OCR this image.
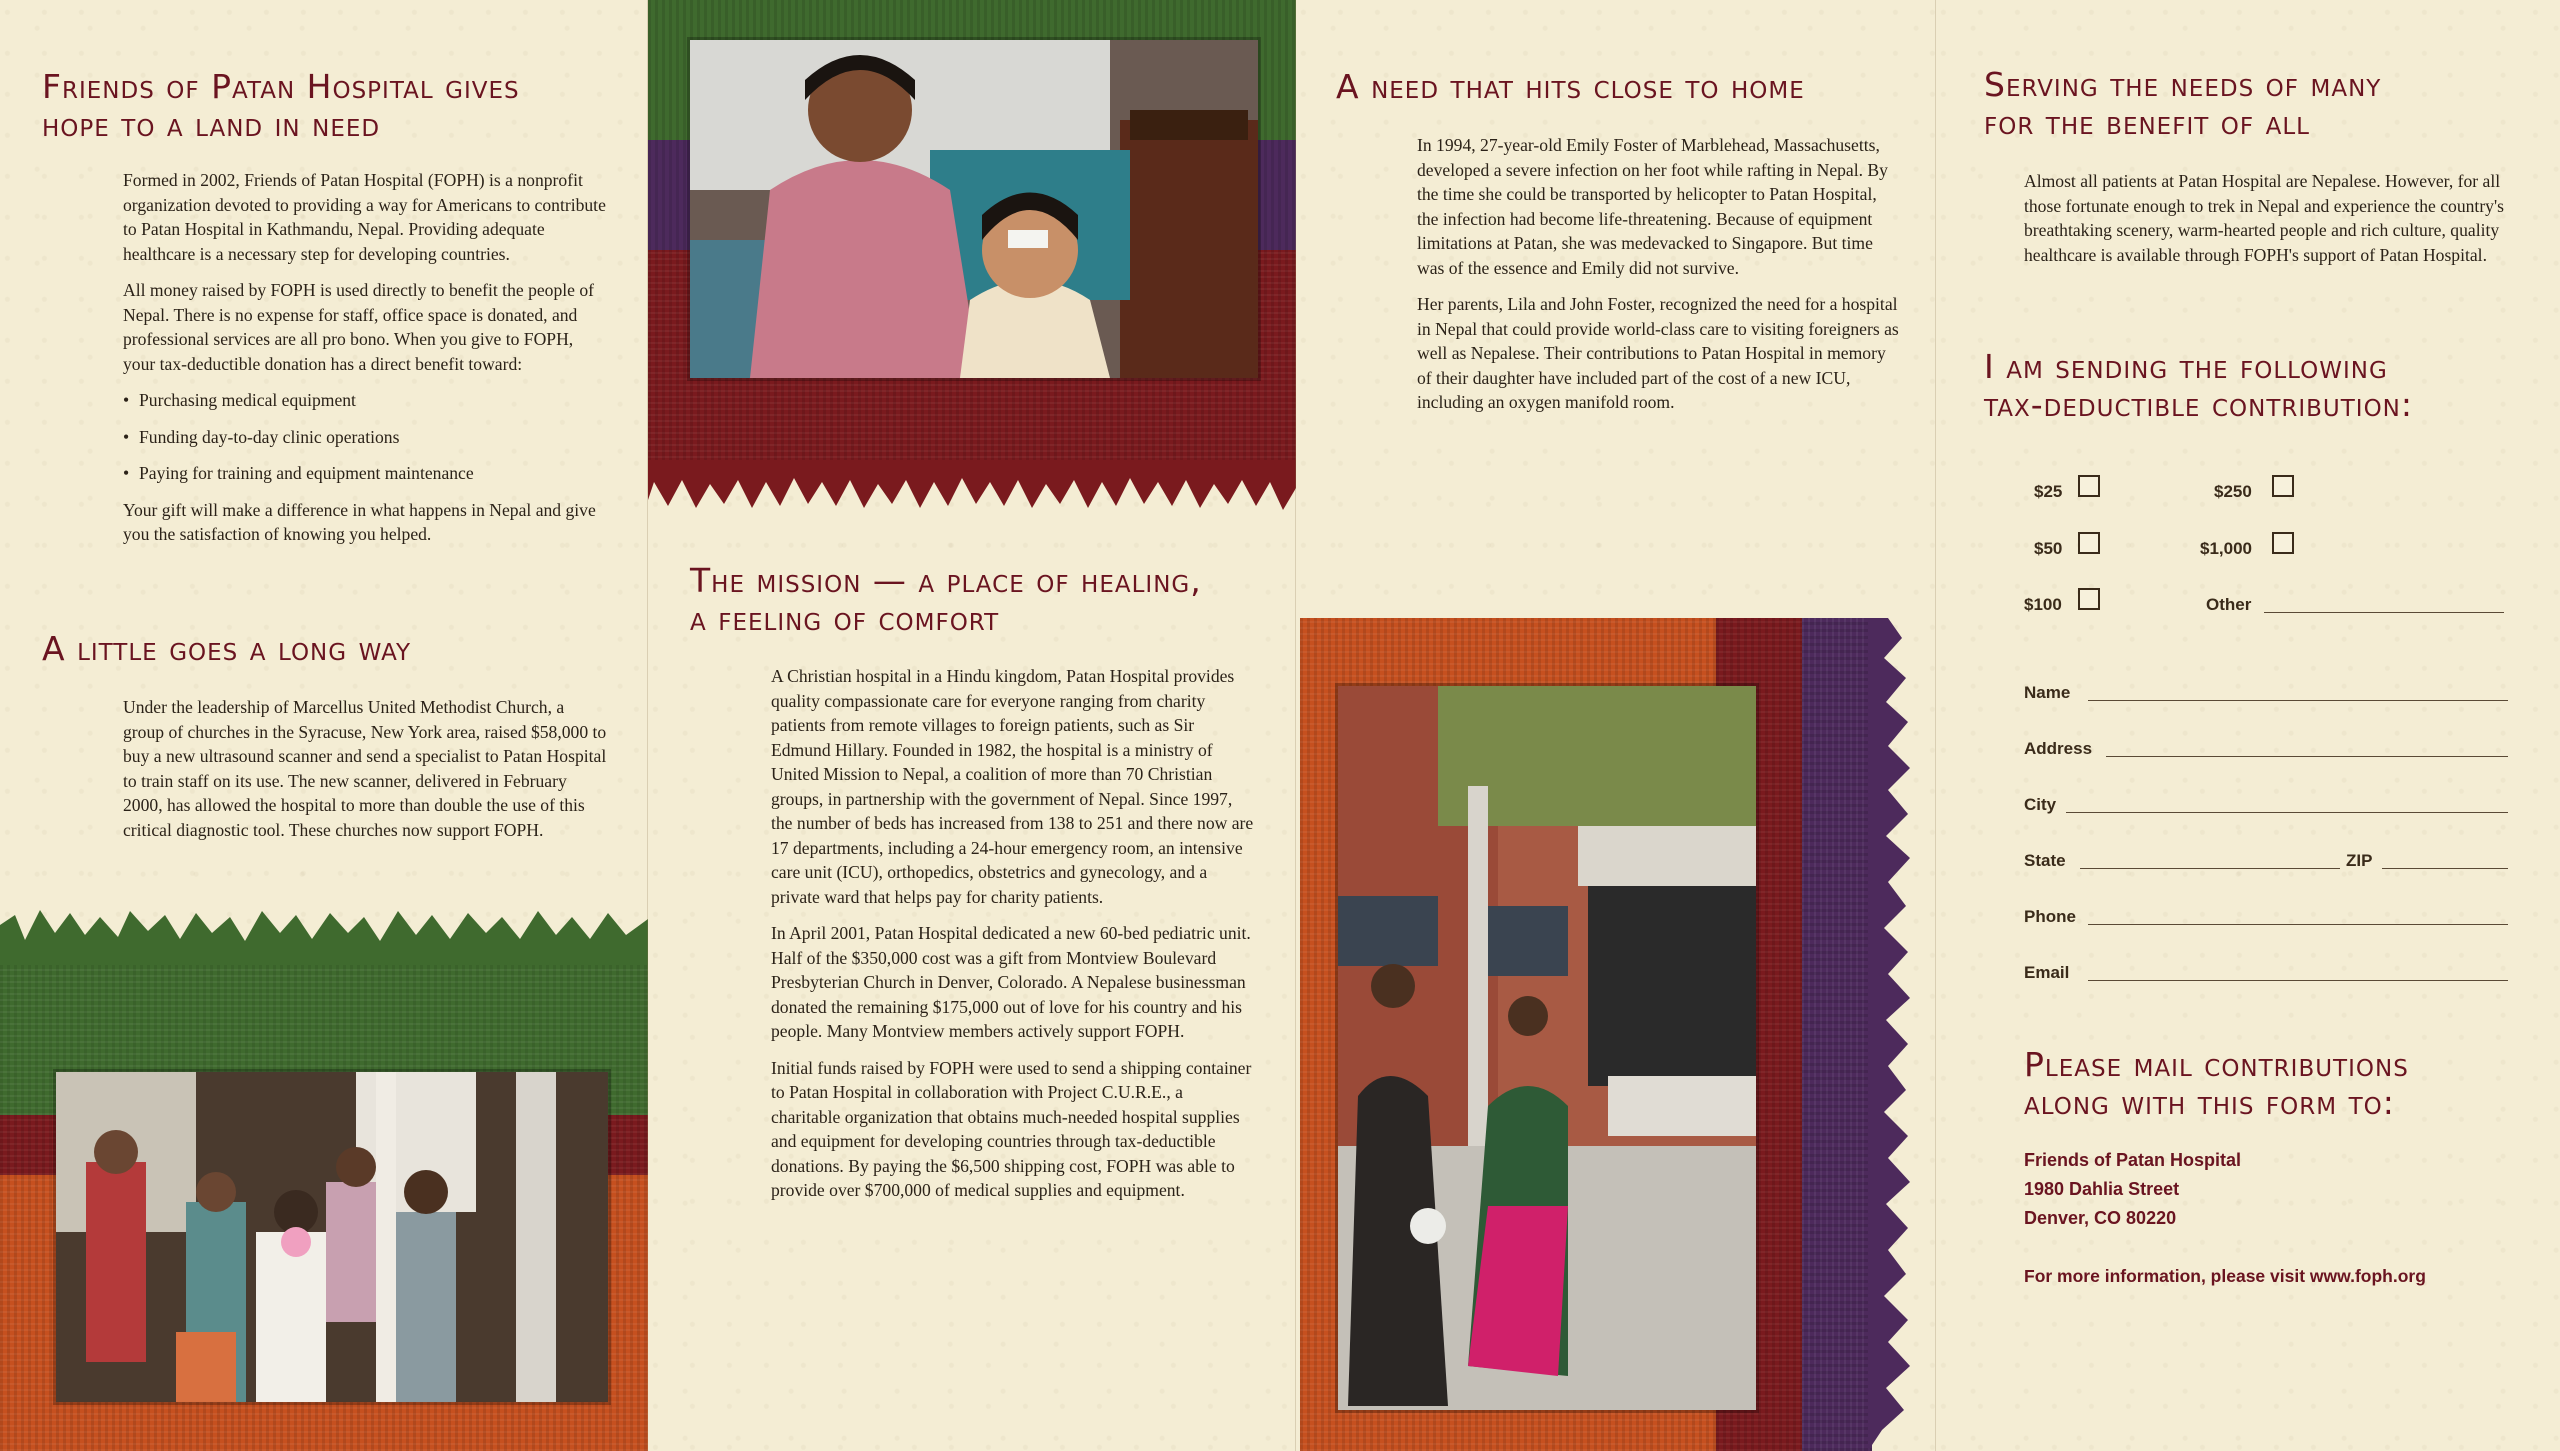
Friends of Patan Hospital gives
hope to a land in need

Formed in 2002, Friends of Patan Hospital (FOPH) is a nonprofit organization devoted to providing a way for Americans to contribute to Patan Hospital in Kathmandu, Nepal. Providing adequate healthcare is a necessary step for developing countries.

All money raised by FOPH is used directly to benefit the people of Nepal. There is no expense for staff, office space is donated, and professional services are all pro bono. When you give to FOPH, your tax-deductible donation has a direct benefit toward:

• Purchasing medical equipment
• Funding day-to-day clinic operations
• Paying for training and equipment maintenance

Your gift will make a difference in what happens in Nepal and give you the satisfaction of knowing you helped.

A little goes a long way

Under the leadership of Marcellus United Methodist Church, a group of churches in the Syracuse, New York area, raised $58,000 to buy a new ultrasound scanner and send a specialist to Patan Hospital to train staff on its use. The new scanner, delivered in February 2000, has allowed the hospital to more than double the use of this critical diagnostic tool. These churches now support FOPH.

The mission — a place of healing,
a feeling of comfort

A Christian hospital in a Hindu kingdom, Patan Hospital provides quality compassionate care for everyone ranging from charity patients from remote villages to foreign patients, such as Sir Edmund Hillary. Founded in 1982, the hospital is a ministry of United Mission to Nepal, a coalition of more than 70 Christian groups, in partnership with the government of Nepal. Since 1997, the number of beds has increased from 138 to 251 and there now are 17 departments, including a 24-hour emergency room, an intensive care unit (ICU), orthopedics, obstetrics and gynecology, and a private ward that helps pay for charity patients.

In April 2001, Patan Hospital dedicated a new 60-bed pediatric unit. Half of the $350,000 cost was a gift from Montview Boulevard Presbyterian Church in Denver, Colorado. A Nepalese businessman donated the remaining $175,000 out of love for his country and his people. Many Montview members actively support FOPH.

Initial funds raised by FOPH were used to send a shipping container to Patan Hospital in collaboration with Project C.U.R.E., a charitable organization that obtains much-needed hospital supplies and equipment for developing countries through tax-deductible donations. By paying the $6,500 shipping cost, FOPH was able to provide over $700,000 of medical supplies and equipment.

A need that hits close to home

In 1994, 27-year-old Emily Foster of Marblehead, Massachusetts, developed a severe infection on her foot while rafting in Nepal. By the time she could be transported by helicopter to Patan Hospital, the infection had become life-threatening. Because of equipment limitations at Patan, she was medevacked to Singapore. But time was of the essence and Emily did not survive.

Her parents, Lila and John Foster, recognized the need for a hospital in Nepal that could provide world-class care to visiting foreigners as well as Nepalese. Their contributions to Patan Hospital in memory of their daughter have included part of the cost of a new ICU, including an oxygen manifold room.

Serving the needs of many
for the benefit of all

Almost all patients at Patan Hospital are Nepalese. However, for all those fortunate enough to trek in Nepal and experience the country's breathtaking scenery, warm-hearted people and rich culture, quality healthcare is available through FOPH's support of Patan Hospital.

I am sending the following
tax-deductible contribution:
$25	$250
$50	$1,000
$100	Other
Name
Address
City
State	ZIP
Phone
Email
Please mail contributions
along with this form to:
Friends of Patan Hospital
1980 Dahlia Street
Denver, CO 80220
For more information, please visit www.foph.org
